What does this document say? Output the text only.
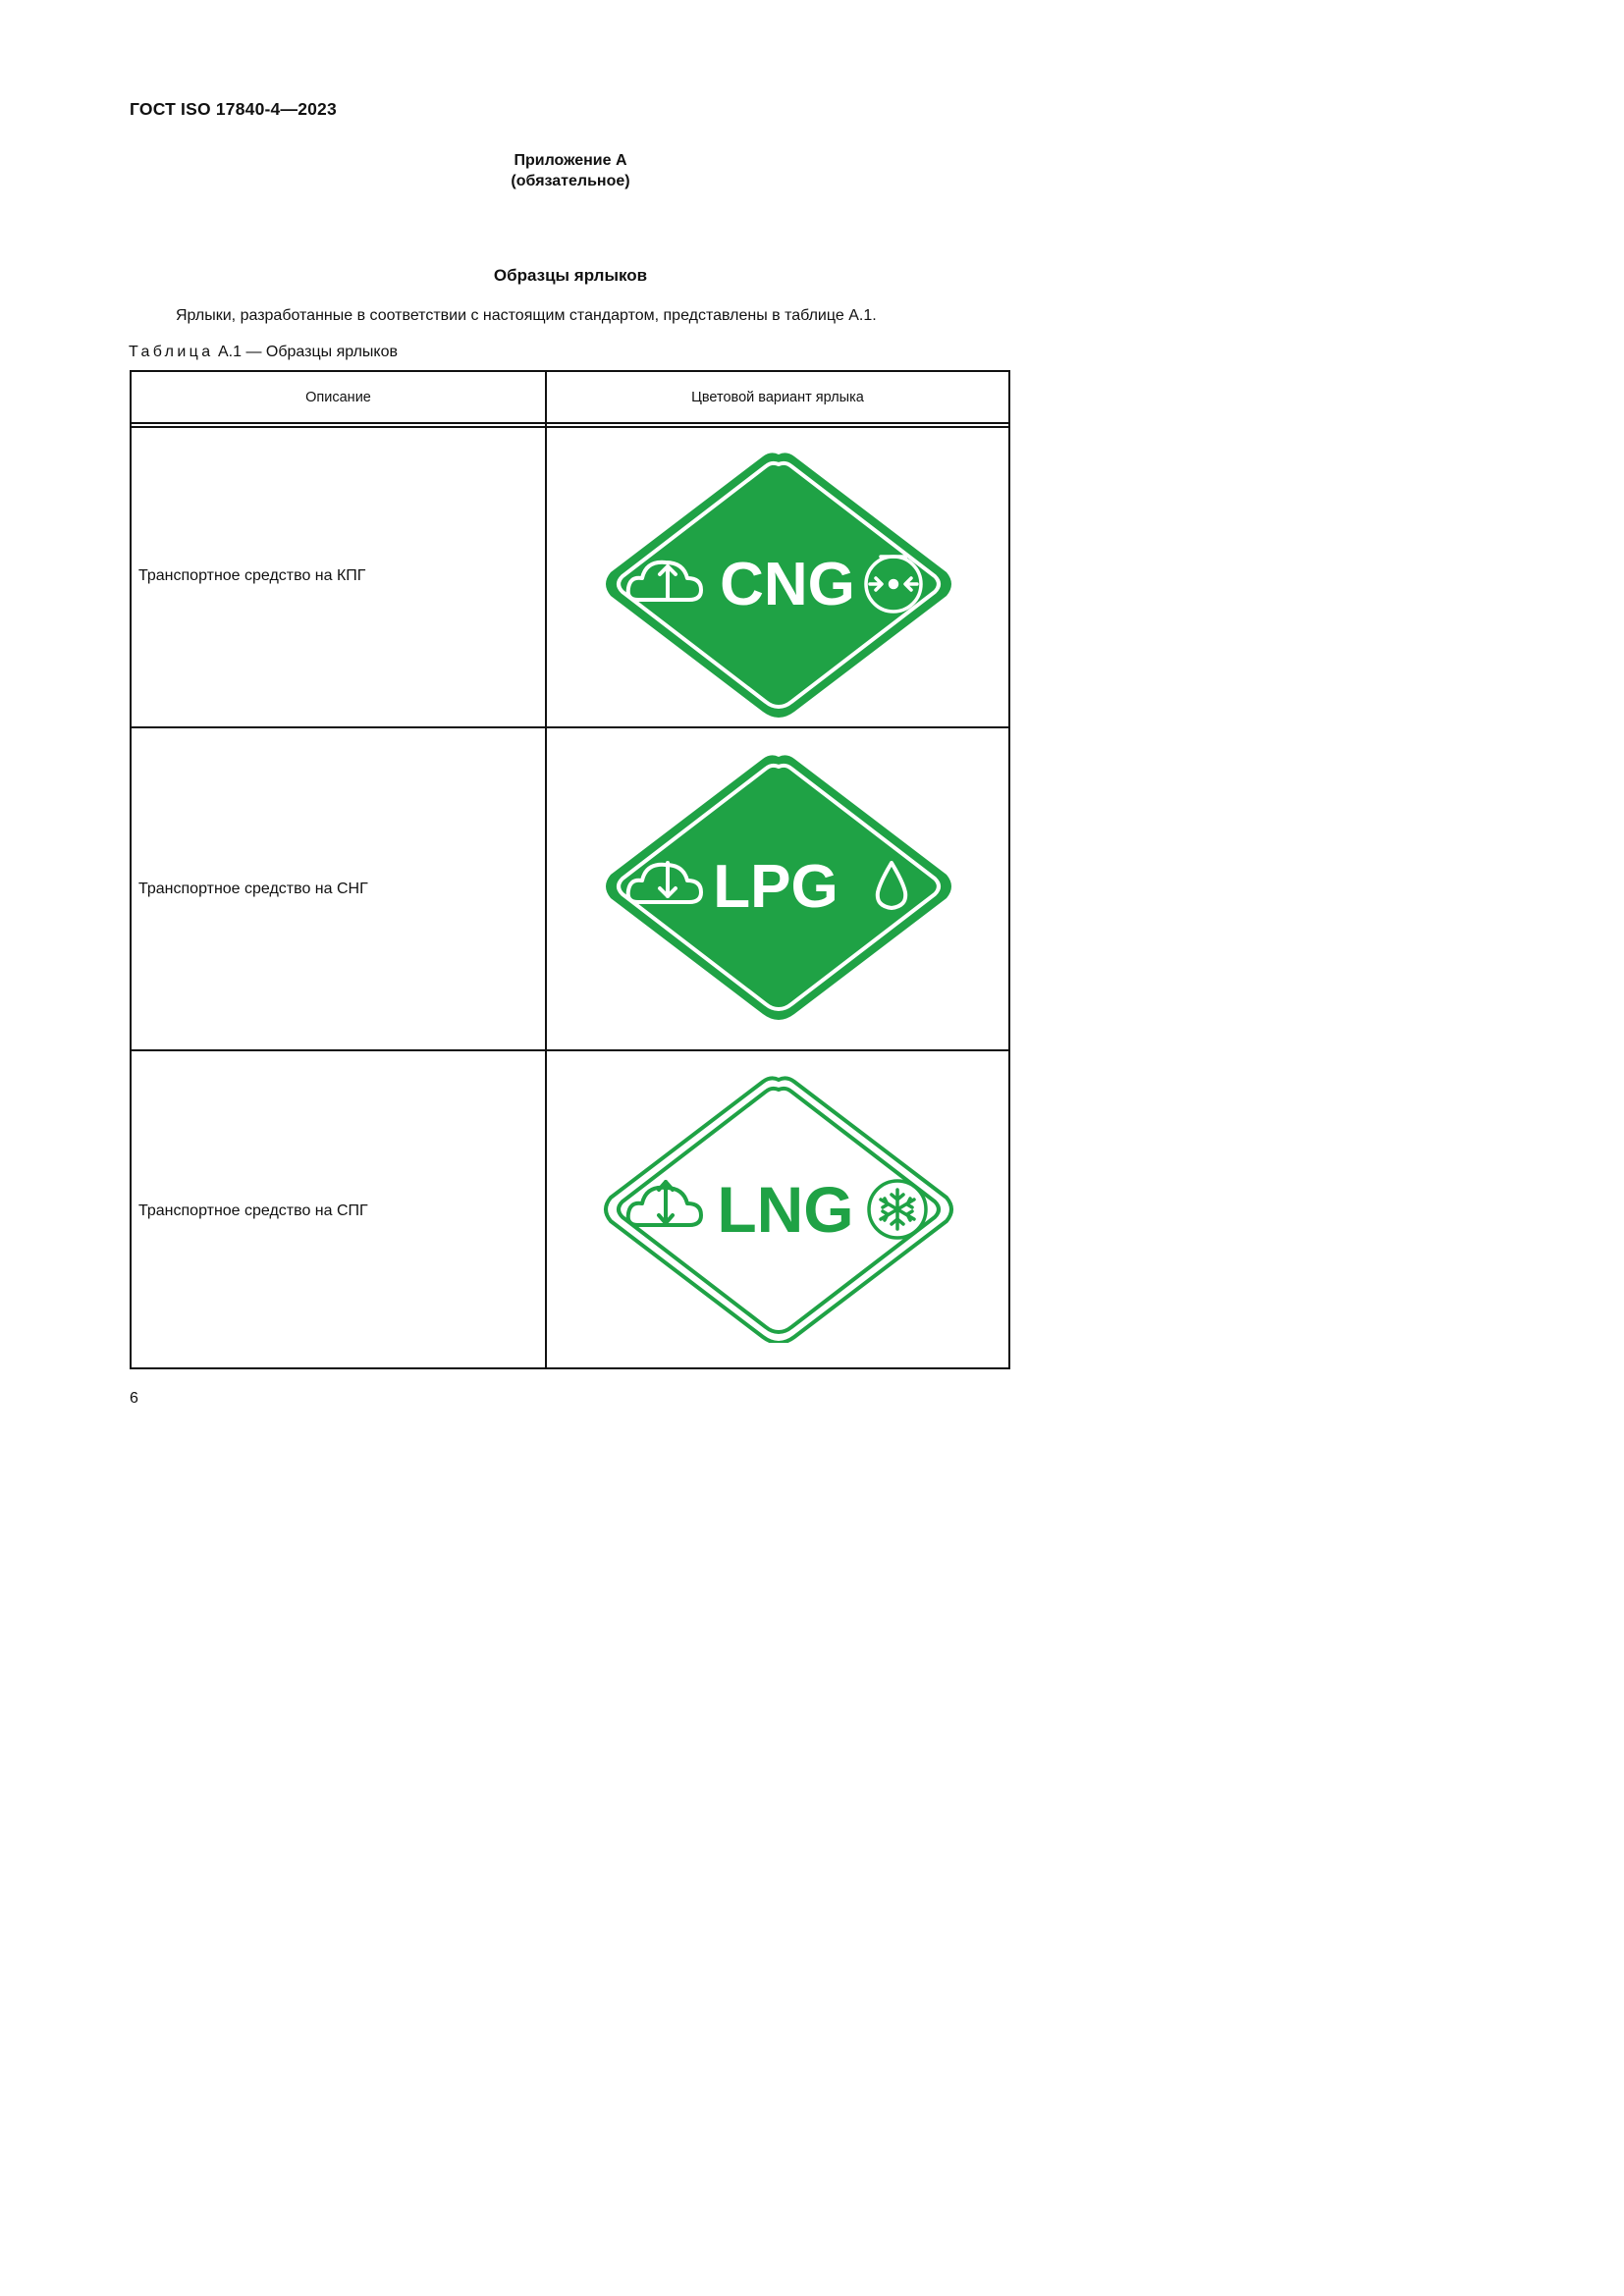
ГОСТ ISO 17840-4—2023
Приложение А
(обязательное)
Образцы ярлыков
Ярлыки, разработанные в соответствии с настоящим стандартом, представлены в таблице А.1.
Таблица А.1 — Образцы ярлыков
Описание	Цветовой вариант ярлыка
Транспортное средство на КПГ	CNG
Транспортное средство на СНГ	LPG
Транспортное средство на СПГ	LNG
6
